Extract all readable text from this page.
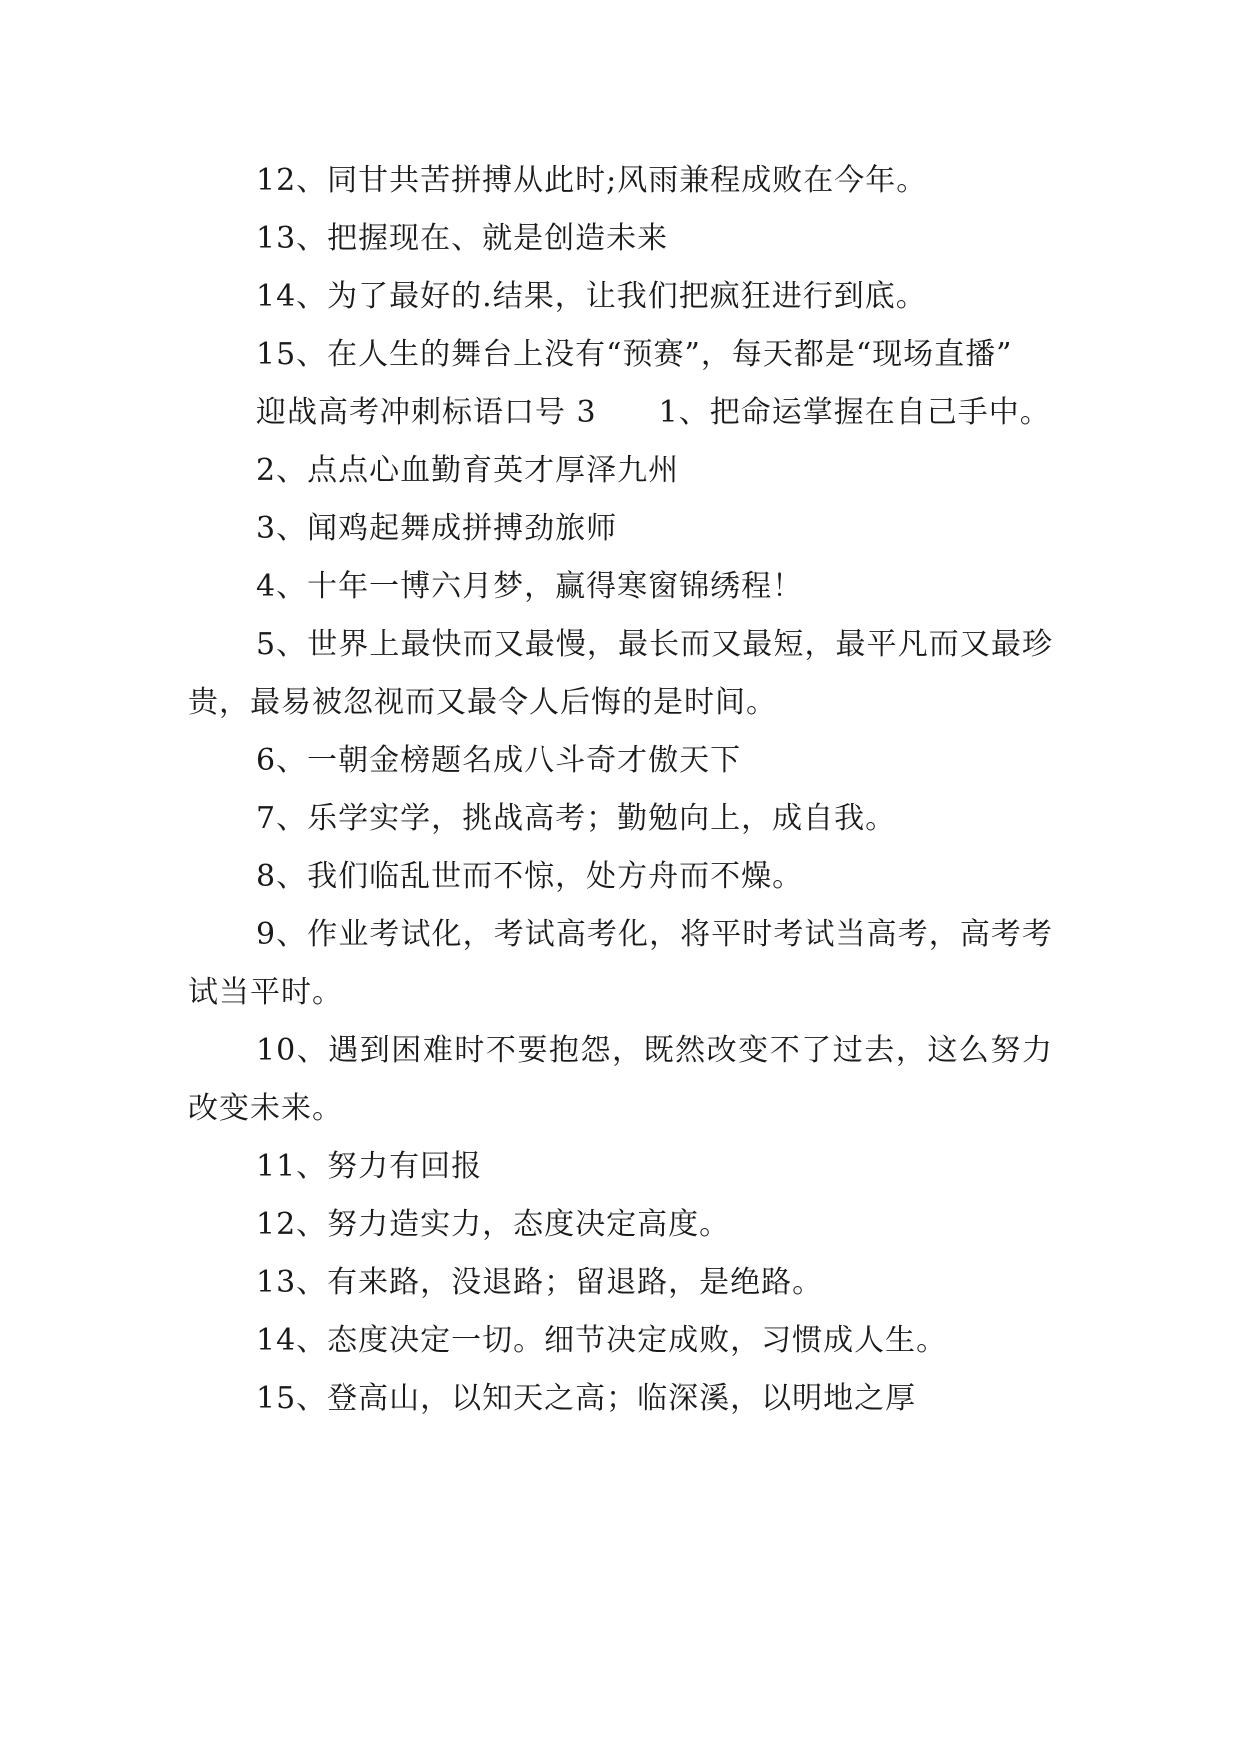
12、同甘共苦拼搏从此时;风雨兼程成败在今年。

13、把握现在、就是创造未来

14、为了最好的.结果，让我们把疯狂进行到底。

15、在人生的舞台上没有“预赛”，每天都是“现场直播”

迎战高考冲刺标语口号 3　　1、把命运掌握在自己手中。

2、点点心血勤育英才厚泽九州

3、闻鸡起舞成拼搏劲旅师

4、十年一博六月梦，赢得寒窗锦绣程！

5、世界上最快而又最慢，最长而又最短，最平凡而又最珍贵，最易被忽视而又最令人后悔的是时间。

6、一朝金榜题名成八斗奇才傲天下

7、乐学实学，挑战高考；勤勉向上，成自我。

8、我们临乱世而不惊，处方舟而不燥。

9、作业考试化，考试高考化，将平时考试当高考，高考考试当平时。

10、遇到困难时不要抱怨，既然改变不了过去，这么努力改变未来。

11、努力有回报

12、努力造实力，态度决定高度。

13、有来路，没退路；留退路，是绝路。

14、态度决定一切。细节决定成败，习惯成人生。

15、登高山，以知天之高；临深溪，以明地之厚
